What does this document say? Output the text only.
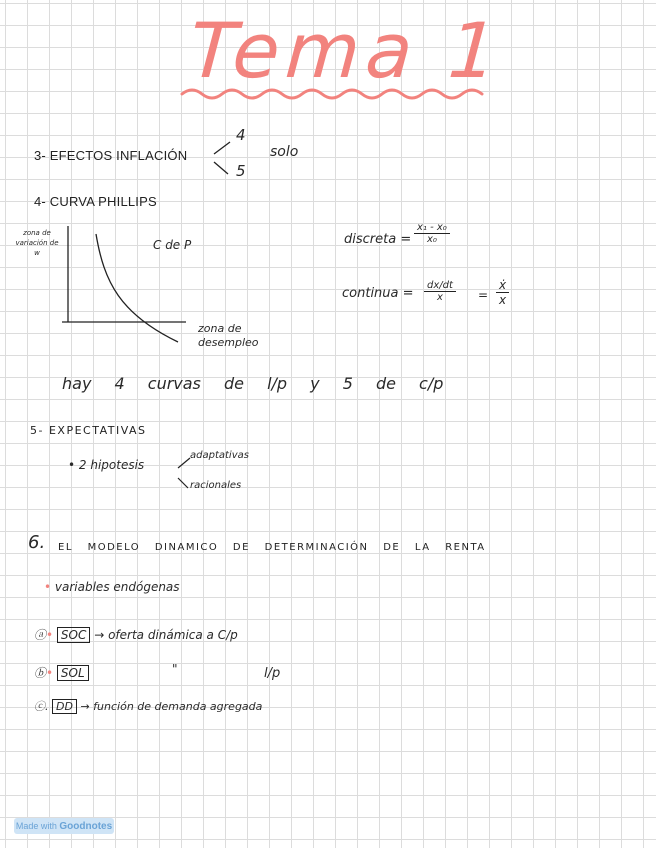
Tema 1
3- EFECTOS INFLACIÓN
4
5
solo
4- CURVA PHILLIPS
zona de variación de w
C de P
zona de desempleo
discreta = $\frac{\text{x₁ - x₀}}{\text{x₀}}$
continua = $\frac{dx/dt}{x} = \frac{\text{ẋ}}{x}$
hay 4 curvas de l/p y 5 de c/p
5- EXPECTATIVAS
• 2 hipotesis
adaptativas
racionales
6. EL MODELO DINAMICO DE DETERMINACIÓN DE LA RENTA
• variables endógenas
ⓐ• SOC → oferta dinámica a C/p
ⓑ• SOL	"	l/p
ⓒ. DD → función de demanda agregada
Made with Goodnotes
